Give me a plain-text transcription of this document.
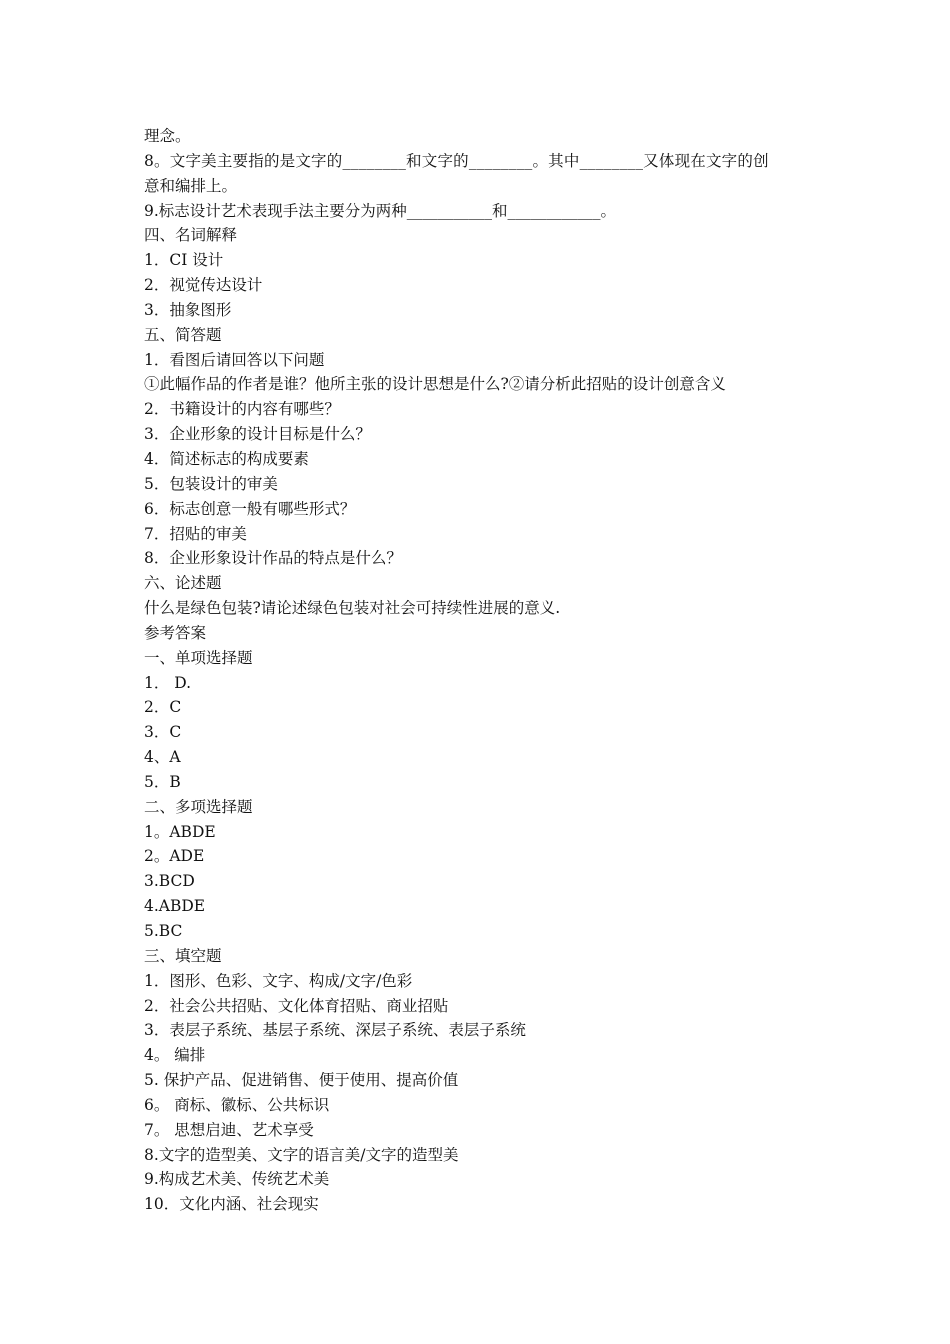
理念。
8。文字美主要指的是文字的________和文字的________。其中________又体现在文字的创
意和编排上。
9.标志设计艺术表现手法主要分为两种___________和____________。
四、名词解释
1．CI 设计
2．视觉传达设计
3．抽象图形
五、简答题
1．看图后请回答以下问题
①此幅作品的作者是谁？他所主张的设计思想是什么?②请分析此招贴的设计创意含义
2．书籍设计的内容有哪些？
3．企业形象的设计目标是什么？
4．简述标志的构成要素
5．包装设计的审美
6．标志创意一般有哪些形式？
7．招贴的审美
8．企业形象设计作品的特点是什么？
六、论述题
什么是绿色包装?请论述绿色包装对社会可持续性进展的意义.
参考答案
一、单项选择题
1． D.
2．C
3．C
4、A
5．B
二、多项选择题
1。ABDE
2。ADE
3.BCD
4.ABDE
5.BC
三、填空题
1．图形、色彩、文字、构成/文字/色彩
2．社会公共招贴、文化体育招贴、商业招贴
3．表层子系统、基层子系统、深层子系统、表层子系统
4。 编排
5. 保护产品、促进销售、便于使用、提高价值
6。 商标、徽标、公共标识
7。 思想启迪、艺术享受
8.文字的造型美、文字的语言美/文字的造型美
9.构成艺术美、传统艺术美
10．文化内涵、社会现实
